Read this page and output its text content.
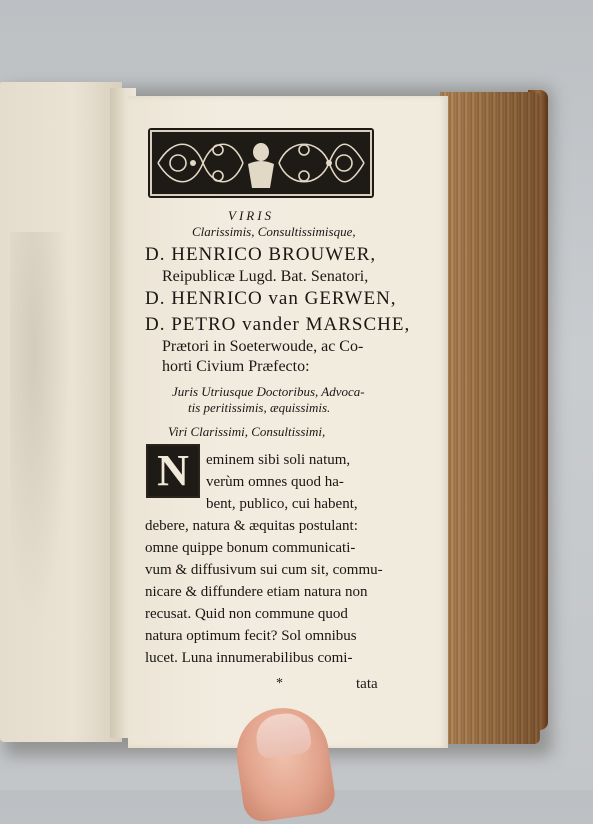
VIRIS
Clarissimis, Consultissimisque,
D. HENRICO BROUWER,
Reipublicæ Lugd. Bat. Senatori,
D. HENRICO van GERWEN,
D. PETRO vander MARSCHE,
Prætori in Soeterwoude, ac Co-
horti Civium Præfecto:
Juris Utriusque Doctoribus, Advoca-
tis peritissimis, æquissimis.
Viri Clarissimi, Consultissimi,
N	eminem sibi soli natum,
verùm omnes quod ha-
bent, publico, cui habent,
debere, natura & æquitas postulant:
omne quippe bonum communicati-
vum & diffusivum sui cum sit, commu-
nicare & diffundere etiam natura non
recusat. Quid non commune quod
natura optimum fecit? Sol omnibus
lucet. Luna innumerabilibus comi-
*	tata
